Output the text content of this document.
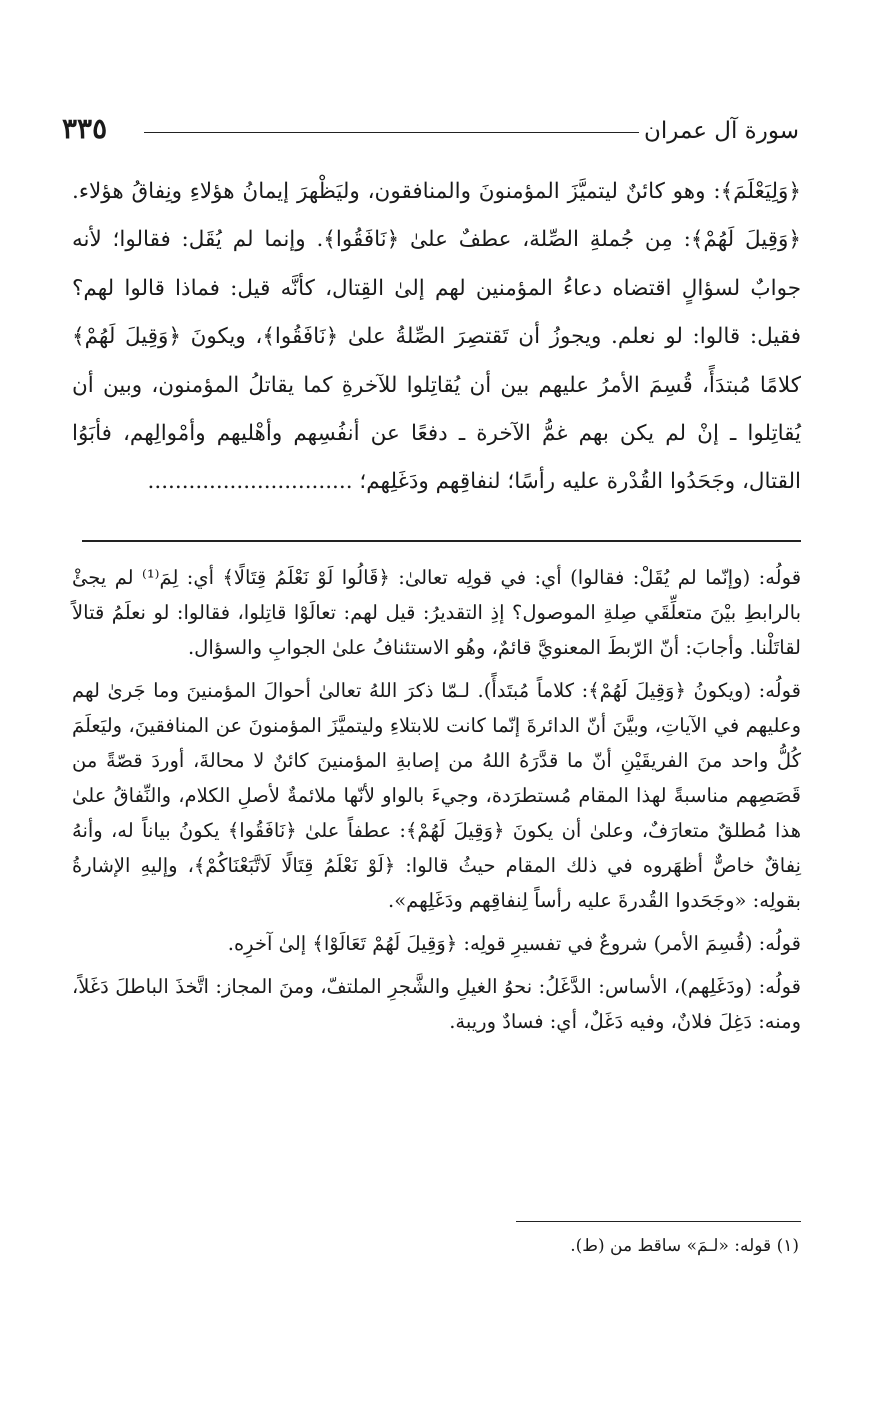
٣٣٥	سورة آل عمران

﴿وَلِيَعْلَمَ﴾: وهو كائنٌ ليتميَّزَ المؤمنونَ والمنافقون، وليَظْهرَ إيمانُ هؤلاءِ ونِفاقُ هؤلاء. ﴿وَقِيلَ لَهُمْ﴾: مِن جُملةِ الصِّلة، عطفٌ علىٰ ﴿نَافَقُوا﴾. وإنما لم يُقَل: فقالوا؛ لأنه جوابٌ لسؤالٍ اقتضاه دعاءُ المؤمنين لهم إلىٰ القِتال، كأنَّه قيل: فماذا قالوا لهم؟ فقيل: قالوا: لو نعلم. ويجوزُ أن تَقتصِرَ الصِّلةُ علىٰ ﴿نَافَقُوا﴾، ويكونَ ﴿وَقِيلَ لَهُمْ﴾ كلامًا مُبتدَأً، قُسِمَ الأمرُ عليهم بين أن يُقاتِلوا للآخرةِ كما يقاتلُ المؤمنون، وبين أن يُقاتِلوا ـ إنْ لم يكن بهم غمُّ الآخرة ـ دفعًا عن أنفُسِهم وأهْليهم وأمْوالِهم، فأبَوُا القتال، وجَحَدُوا القُدْرة عليه رأسًا؛ لنفاقِهم ودَغَلِهم؛ ..............................

قولُه: (وإنّما لم يُقَلْ: فقالوا) أي: في قولِه تعالىٰ: ﴿قَالُوا لَوْ نَعْلَمُ قِتَالًا﴾ أي: لِمَ⁽¹⁾ لم يجئْ بالرابطِ بيْنَ متعلِّقَي صِلةِ الموصول؟ إذِ التقديرُ: قيل لهم: تعالَوْا قاتِلوا، فقالوا: لو نعلَمُ قتالاً لقاتَلْنا. وأجابَ: أنّ الرّبطَ المعنويَّ قائمٌ، وهُو الاستئنافُ علىٰ الجوابِ والسؤال.

قولُه: (ويكونُ ﴿وَقِيلَ لَهُمْ﴾: كلاماً مُبتَدأً). لـمّا ذكرَ اللهُ تعالىٰ أحوالَ المؤمنينَ وما جَرىٰ لهم وعليهم في الآياتِ، وبيَّنَ أنّ الدائرةَ إنّما كانت للابتلاءِ وليتميَّزَ المؤمنونَ عن المنافقينَ، وليَعلَمَ كُلُّ واحد منَ الفريقَيْنِ أنّ ما قدَّرَهُ اللهُ من إصابةِ المؤمنينَ كائنٌ لا محالةَ، أوردَ قصّةً من قَصَصِهم مناسبةً لهذا المقام مُستطرَدة، وجيءَ بالواو لأنّها ملائمةٌ لأصلِ الكلام، والنِّفاقُ علىٰ هذا مُطلقٌ متعارَفٌ، وعلىٰ أن يكونَ ﴿وَقِيلَ لَهُمْ﴾: عطفاً علىٰ ﴿نَافَقُوا﴾ يكونُ بياناً له، وأنهُ نِفاقٌ خاصٌّ أظهَروه في ذلك المقام حيثُ قالوا: ﴿لَوْ نَعْلَمُ قِتَالًا لَاتَّبَعْنَاكُمْ﴾، وإليهِ الإشارةُ بقولِه: «وجَحَدوا القُدرةَ عليه رأساً لِنفاقِهم ودَغَلِهم».

قولُه: (قُسِمَ الأمر) شروعٌ في تفسيرِ قولِه: ﴿وَقِيلَ لَهُمْ تَعَالَوْا﴾ إلىٰ آخرِه.

قولُه: (ودَغَلِهم)، الأساس: الدَّغَلُ: نحوُ الغيلِ والشَّجرِ الملتفّ، ومنَ المجاز: اتَّخذَ الباطلَ دَغَلاً، ومنه: دَغِلَ فلانٌ، وفيه دَغَلٌ، أي: فسادٌ وريبة.

(١) قوله: «لـمَ» ساقط من (ط).
